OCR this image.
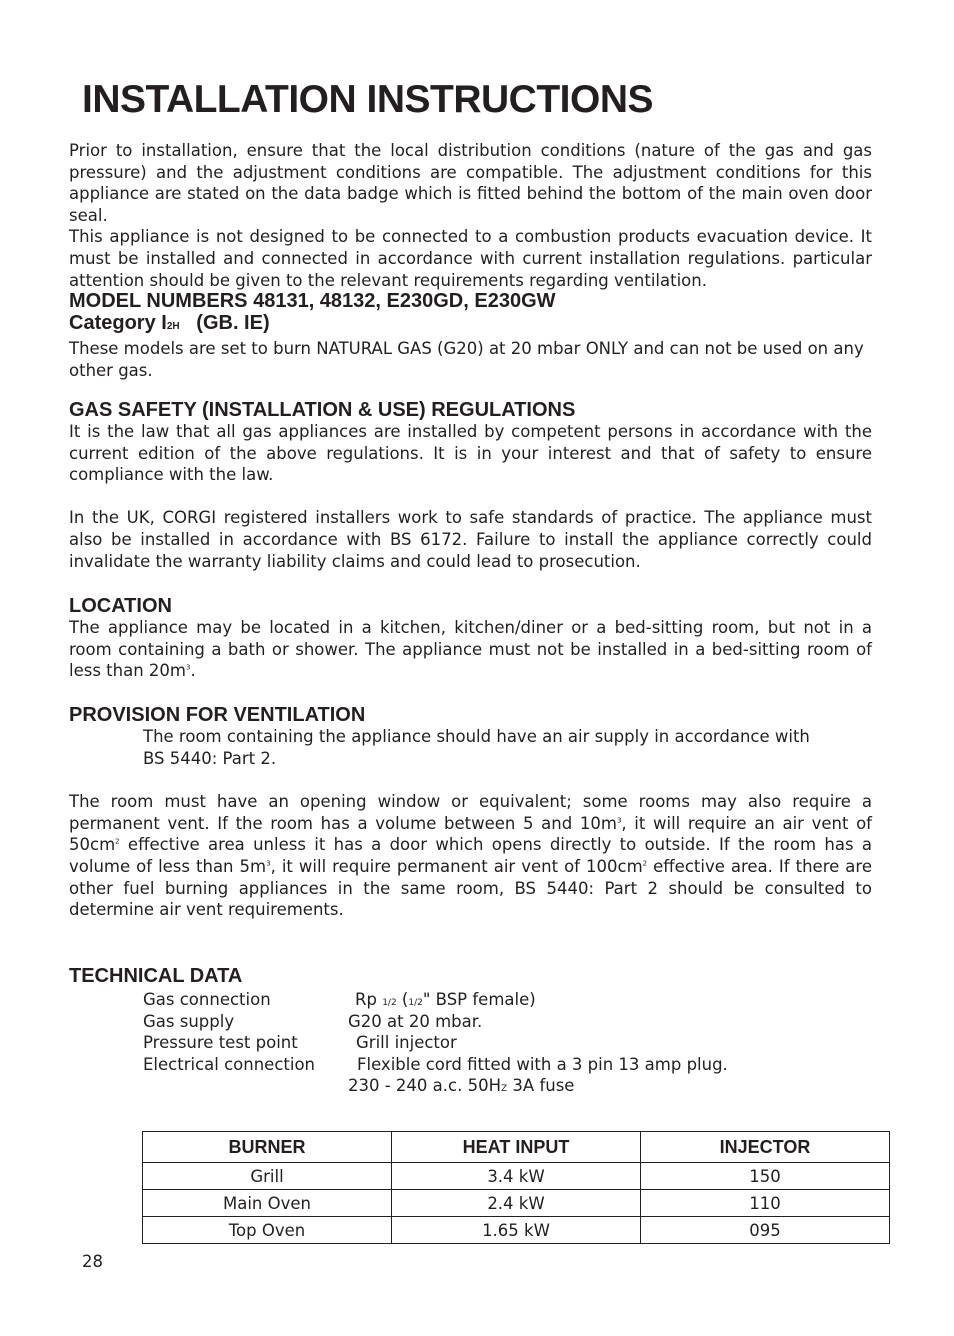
INSTALLATION INSTRUCTIONS

Prior to installation, ensure that the local distribution conditions (nature of the gas and gas pressure) and the adjustment conditions are compatible. The adjustment conditions for this appliance are stated on the data badge which is fitted behind the bottom of the main oven door seal.

This appliance is not designed to be connected to a combustion products evacuation device. It must be installed and connected in accordance with current installation regulations. particular attention should be given to the relevant requirements regarding ventilation.

MODEL NUMBERS 48131, 48132, E230GD, E230GW

Category I2H (GB. IE)

These models are set to burn NATURAL GAS (G20) at 20 mbar ONLY and can not be used on any other gas.

GAS SAFETY (INSTALLATION & USE) REGULATIONS

It is the law that all gas appliances are installed by competent persons in accordance with the current edition of the above regulations. It is in your interest and that of safety to ensure compliance with the law.

In the UK, CORGI registered installers work to safe standards of practice. The appliance must also be installed in accordance with BS 6172. Failure to install the appliance correctly could invalidate the warranty liability claims and could lead to prosecution.

LOCATION

The appliance may be located in a kitchen, kitchen/diner or a bed-sitting room, but not in a room containing a bath or shower. The appliance must not be installed in a bed-sitting room of less than $20m^3$.

PROVISION FOR VENTILATION

The room containing the appliance should have an air supply in accordance with

BS 5440: Part 2.

The room must have an opening window or equivalent; some rooms may also require a permanent vent. If the room has a volume between 5 and $10m^3$, it will require an air vent of $50cm^2$ effective area unless it has a door which opens directly to outside. If the room has a volume of less than $5m^3$, it will require permanent air vent of $100cm^2$ effective area. If there are other fuel burning appliances in the same room, BS 5440: Part 2 should be consulted to determine air vent requirements.

TECHNICAL DATA

Gas connection	Rp 1/2 (1/2" BSP female)
Gas supply	G20 at 20 mbar.
Pressure test point	Grill injector
Electrical connection	Flexible cord fitted with a 3 pin 13 amp plug.
230 - 240 a.c. 50HZ 3A fuse
BURNER	HEAT INPUT	INJECTOR
Grill	3.4 kW	150
Main Oven	2.4 kW	110
Top Oven	1.65 kW	095
28
